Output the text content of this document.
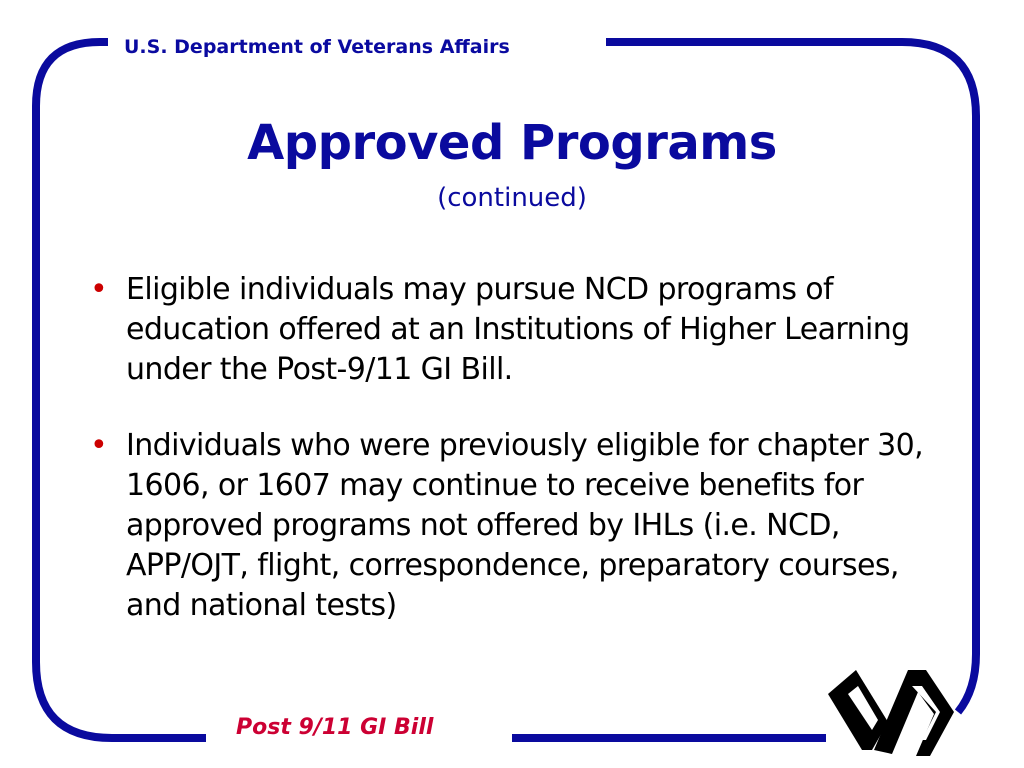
U.S. Department of Veterans Affairs
Approved Programs
(continued)
• Eligible individuals may pursue NCD programs of education offered at an Institutions of Higher Learning under the Post-9/11 GI Bill.
• Individuals who were previously eligible for chapter 30, 1606, or 1607 may continue to receive benefits for approved programs not offered by IHLs (i.e. NCD, APP/OJT, flight, correspondence, preparatory courses, and national tests)
Post 9/11 GI Bill
